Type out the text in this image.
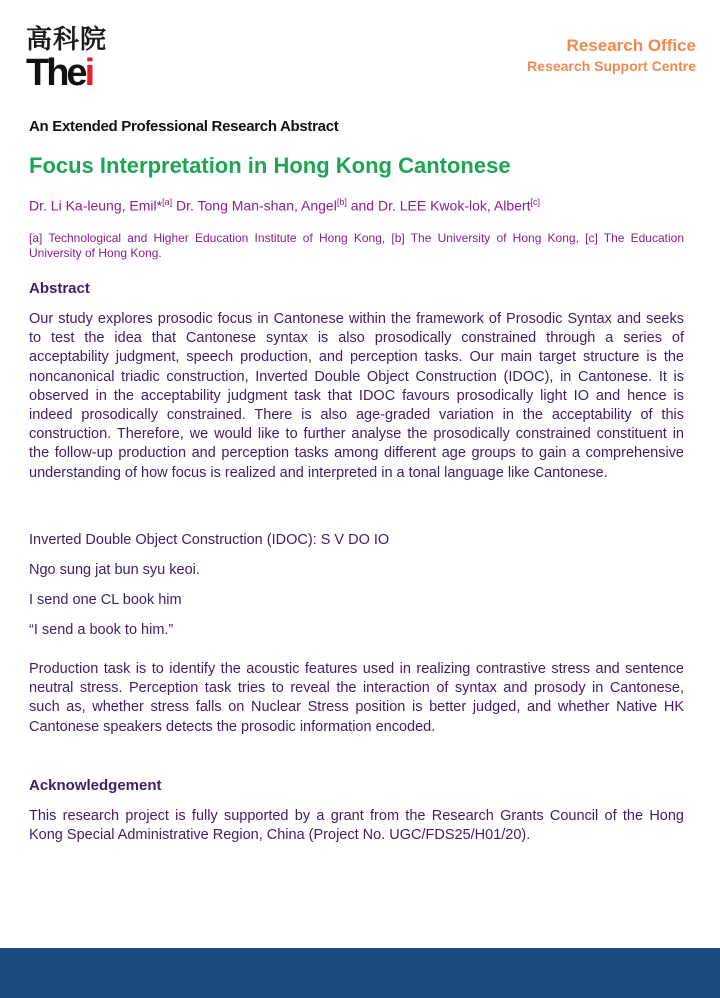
高科院
Thei
Research Office
Research Support Centre
An Extended Professional Research Abstract
Focus Interpretation in Hong Kong Cantonese
Dr. Li Ka-leung, Emil*[a] Dr. Tong Man-shan, Angel[b] and Dr. LEE Kwok-lok, Albert[c]
[a] Technological and Higher Education Institute of Hong Kong, [b] The University of Hong Kong, [c] The Education University of Hong Kong.
Abstract

Our study explores prosodic focus in Cantonese within the framework of Prosodic Syntax and seeks to test the idea that Cantonese syntax is also prosodically constrained through a series of acceptability judgment, speech production, and perception tasks. Our main target structure is the noncanonical triadic construction, Inverted Double Object Construction (IDOC), in Cantonese. It is observed in the acceptability judgment task that IDOC favours prosodically light IO and hence is indeed prosodically constrained. There is also age-graded variation in the acceptability of this construction. Therefore, we would like to further analyse the prosodically constrained constituent in the follow-up production and perception tasks among different age groups to gain a comprehensive understanding of how focus is realized and interpreted in a tonal language like Cantonese.

Inverted Double Object Construction (IDOC): S V DO IO

Ngo sung jat bun syu keoi.

I send one CL book him

“I send a book to him.”

Production task is to identify the acoustic features used in realizing contrastive stress and sentence neutral stress. Perception task tries to reveal the interaction of syntax and prosody in Cantonese, such as, whether stress falls on Nuclear Stress position is better judged, and whether Native HK Cantonese speakers detects the prosodic information encoded.

Acknowledgement

This research project is fully supported by a grant from the Research Grants Council of the Hong Kong Special Administrative Region, China (Project No. UGC/FDS25/H01/20).
